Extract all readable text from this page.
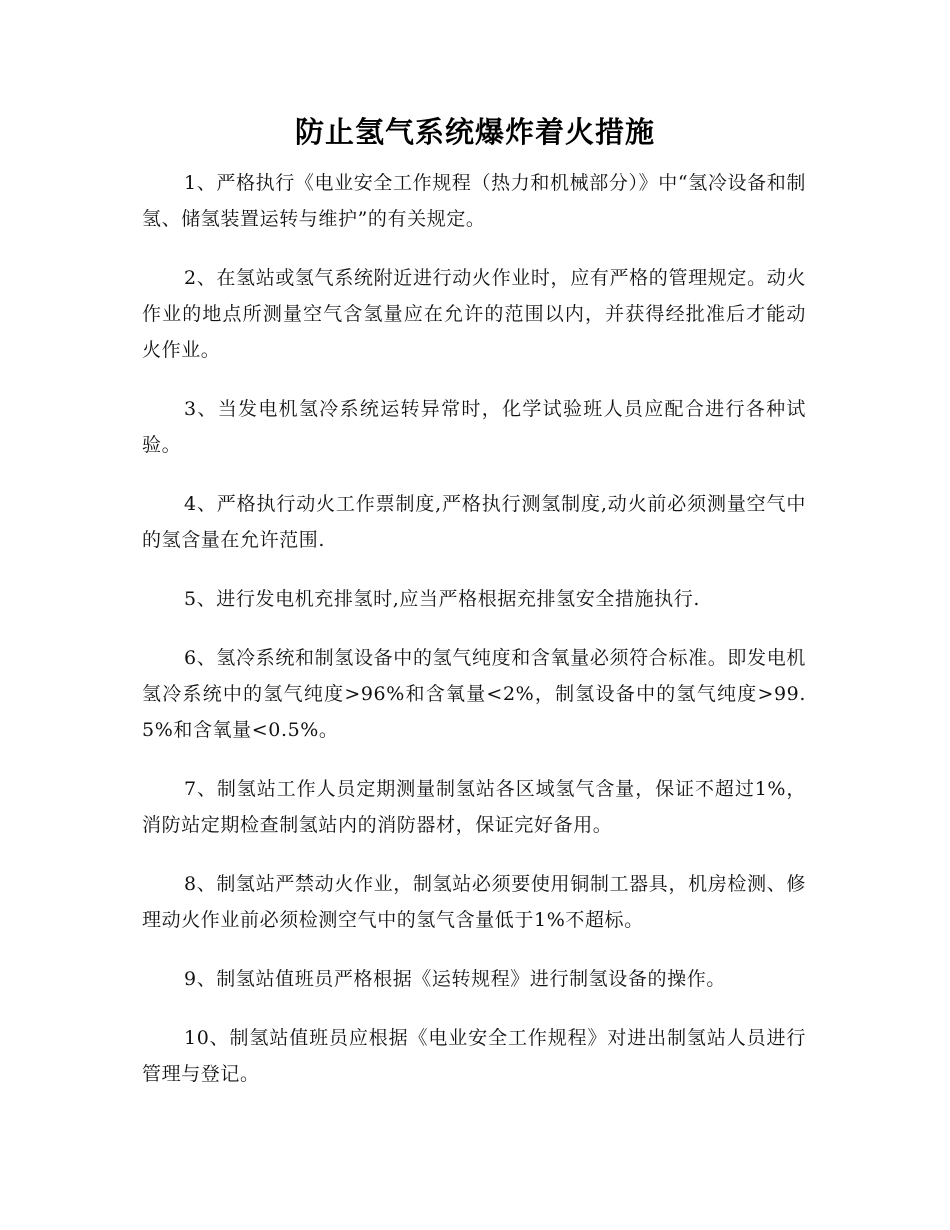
防止氢气系统爆炸着火措施

1、严格执行《电业安全工作规程（热力和机械部分）》中“氢冷设备和制氢、储氢装置运转与维护”的有关规定。

2、在氢站或氢气系统附近进行动火作业时，应有严格的管理规定。动火作业的地点所测量空气含氢量应在允许的范围以内，并获得经批准后才能动火作业。

3、当发电机氢冷系统运转异常时，化学试验班人员应配合进行各种试验。

4、严格执行动火工作票制度,严格执行测氢制度,动火前必须测量空气中的氢含量在允许范围.

5、进行发电机充排氢时,应当严格根据充排氢安全措施执行.

6、氢冷系统和制氢设备中的氢气纯度和含氧量必须符合标准。即发电机氢冷系统中的氢气纯度>96%和含氧量<2%，制氢设备中的氢气纯度>99.5%和含氧量<0.5%。

7、制氢站工作人员定期测量制氢站各区域氢气含量，保证不超过1%，消防站定期检查制氢站内的消防器材，保证完好备用。

8、制氢站严禁动火作业，制氢站必须要使用铜制工器具，机房检测、修理动火作业前必须检测空气中的氢气含量低于1%不超标。

9、制氢站值班员严格根据《运转规程》进行制氢设备的操作。

10、制氢站值班员应根据《电业安全工作规程》对进出制氢站人员进行管理与登记。
